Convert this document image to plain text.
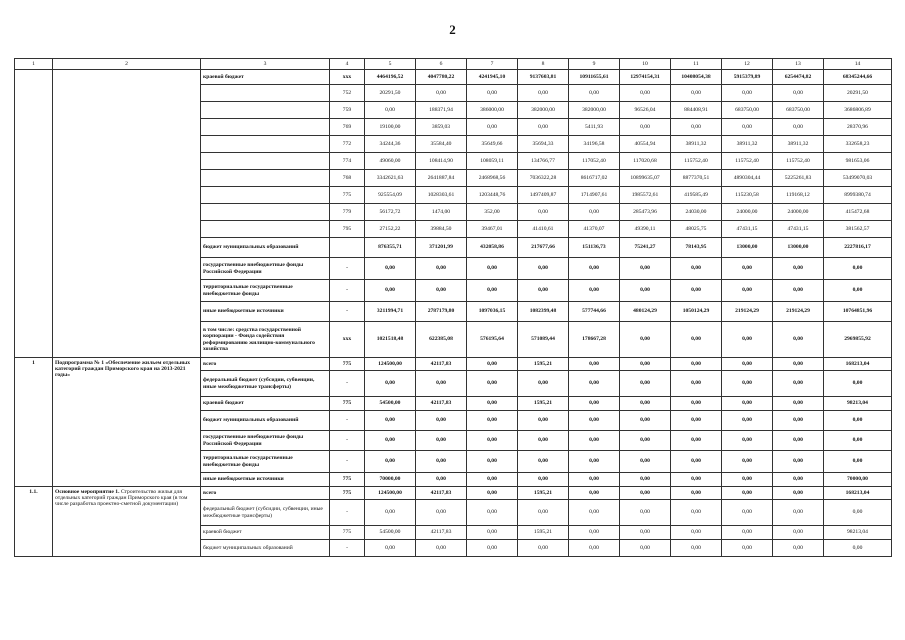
2
1	2	3	4	5	6	7	8	9	10	11	12	13	14
		краевой бюджет	ххх	4464196,52	4047780,22	4241945,10	9137603,81	10911655,61	12974154,31	10408054,38	5915379,89	6254474,82	68345244,66
			752	20291,50	0,00	0,00	0,00	0,00	0,00	0,00	0,00	0,00	20291,50
			759	0,00	188371,94	386000,00	382000,00	382000,00	96526,04	884408,91	683750,00	683750,00	3686806,89
			769	19100,00	3859,03	0,00	0,00	5411,93	0,00	0,00	0,00	0,00	28370,96
			772	34244,36	35584,40	35649,66	35694,33	34196,58	40554,94	38911,32	38911,32	38911,32	332658,23
			774	49060,00	108414,90	108059,11	134766,77	117052,40	117020,68	115752,40	115752,40	115752,40	981653,06
			768	3342621,63	2641887,84	2468968,56	7036322,28	8616717,02	10899635,07	8877370,51	4890304,44	5225261,83	53499070,03
			775	925554,09	1028303,61	1203448,76	1497409,87	1714907,61	1985572,61	419585,49	115230,58	119168,12	8999380,74
			779	56172,72	1474,00	352,00	0,00	0,00	285473,96	24030,00	24000,00	24000,00	415472,68
			795	27152,22	39884,50	39467,01	41410,61	41370,07	49390,11	48025,75	47431,15	47431,15	381562,57
		бюджет муниципальных образований		876355,71	371201,99	432058,86	217677,66	151136,73	75241,27	78143,95	13000,00	13000,00	2227816,17
		государственные внебюджетные фонды Российской Федерации	-	0,00	0,00	0,00	0,00	0,00	0,00	0,00	0,00	0,00	0,00
		территориальные государственные внебюджетные фонды	-	0,00	0,00	0,00	0,00	0,00	0,00	0,00	0,00	0,00	0,00
		иные внебюджетные источники	-	3211994,71	2787179,80	1097036,15	1082399,48	577744,66	480124,29	1050124,29	219124,29	219124,29	10764851,96
		в том числе: средства государственной корпорации - Фонда содействия реформированию жилищно-коммунального хозяйства	ххх	1021518,48	622385,08	576195,64	571089,44	178667,28	0,00	0,00	0,00	0,00	2969855,92
1	Подпрограмма № 1 «Обеспечение жильем отдельных категорий граждан Приморского края на 2013-2021 годы»	всего	775	124500,00	42117,83	0,00	1595,21	0,00	0,00	0,00	0,00	0,00	168213,04
		федеральный бюджет (субсидии, субвенции, иные межбюджетные трансферты)	-	0,00	0,00	0,00	0,00	0,00	0,00	0,00	0,00	0,00	0,00
		краевой бюджет	775	54500,00	42117,83	0,00	1595,21	0,00	0,00	0,00	0,00	0,00	98213,04
		бюджет муниципальных образований	-	0,00	0,00	0,00	0,00	0,00	0,00	0,00	0,00	0,00	0,00
		государственные внебюджетные фонды Российской Федерации	-	0,00	0,00	0,00	0,00	0,00	0,00	0,00	0,00	0,00	0,00
		территориальные государственные внебюджетные фонды	-	0,00	0,00	0,00	0,00	0,00	0,00	0,00	0,00	0,00	0,00
		иные внебюджетные источники	775	70000,00	0,00	0,00	0,00	0,00	0,00	0,00	0,00	0,00	70000,00
1.1.	Основное мероприятие 1. Строительство жилья для отдельных категорий граждан Приморского края (в том числе разработка проектно-сметной документации)	всего	775	124500,00	42117,83	0,00	1595,21	0,00	0,00	0,00	0,00	0,00	168213,04
		федеральный бюджет (субсидии, субвенции, иные межбюджетные трансферты)	-	0,00	0,00	0,00	0,00	0,00	0,00	0,00	0,00	0,00	0,00
		краевой бюджет	775	54500,00	42117,83	0,00	1595,21	0,00	0,00	0,00	0,00	0,00	98213,04
		бюджет муниципальных образований	-	0,00	0,00	0,00	0,00	0,00	0,00	0,00	0,00	0,00	0,00
